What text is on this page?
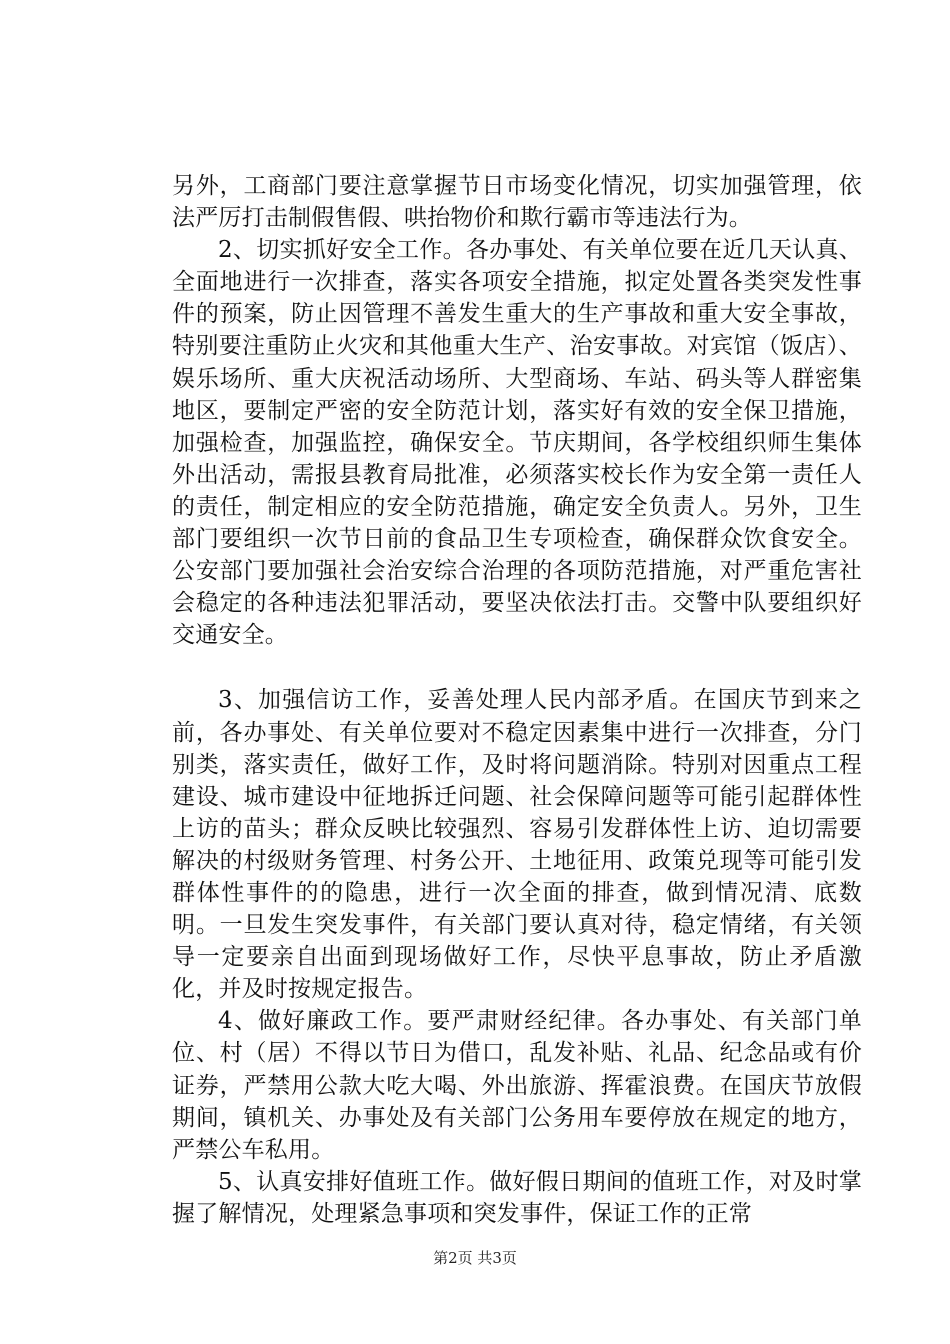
另外，工商部门要注意掌握节日市场变化情况，切实加强管理，依法严厉打击制假售假、哄抬物价和欺行霸市等违法行为。

2、切实抓好安全工作。各办事处、有关单位要在近几天认真、全面地进行一次排查，落实各项安全措施，拟定处置各类突发性事件的预案，防止因管理不善发生重大的生产事故和重大安全事故，特别要注重防止火灾和其他重大生产、治安事故。对宾馆（饭店）、娱乐场所、重大庆祝活动场所、大型商场、车站、码头等人群密集地区，要制定严密的安全防范计划，落实好有效的安全保卫措施，加强检查，加强监控，确保安全。节庆期间，各学校组织师生集体外出活动，需报县教育局批准，必须落实校长作为安全第一责任人的责任，制定相应的安全防范措施，确定安全负责人。另外，卫生部门要组织一次节日前的食品卫生专项检查，确保群众饮食安全。公安部门要加强社会治安综合治理的各项防范措施，对严重危害社会稳定的各种违法犯罪活动，要坚决依法打击。交警中队要组织好交通安全。

3、加强信访工作，妥善处理人民内部矛盾。在国庆节到来之前，各办事处、有关单位要对不稳定因素集中进行一次排查，分门别类，落实责任，做好工作，及时将问题消除。特别对因重点工程建设、城市建设中征地拆迁问题、社会保障问题等可能引起群体性上访的苗头；群众反映比较强烈、容易引发群体性上访、迫切需要解决的村级财务管理、村务公开、土地征用、政策兑现等可能引发群体性事件的的隐患，进行一次全面的排查，做到情况清、底数明。一旦发生突发事件，有关部门要认真对待，稳定情绪，有关领导一定要亲自出面到现场做好工作，尽快平息事故，防止矛盾激化，并及时按规定报告。

4、做好廉政工作。要严肃财经纪律。各办事处、有关部门单位、村（居）不得以节日为借口，乱发补贴、礼品、纪念品或有价证券，严禁用公款大吃大喝、外出旅游、挥霍浪费。在国庆节放假期间，镇机关、办事处及有关部门公务用车要停放在规定的地方，严禁公车私用。

5、认真安排好值班工作。做好假日期间的值班工作，对及时掌握了解情况，处理紧急事项和突发事件，保证工作的正常

第2页 共3页
